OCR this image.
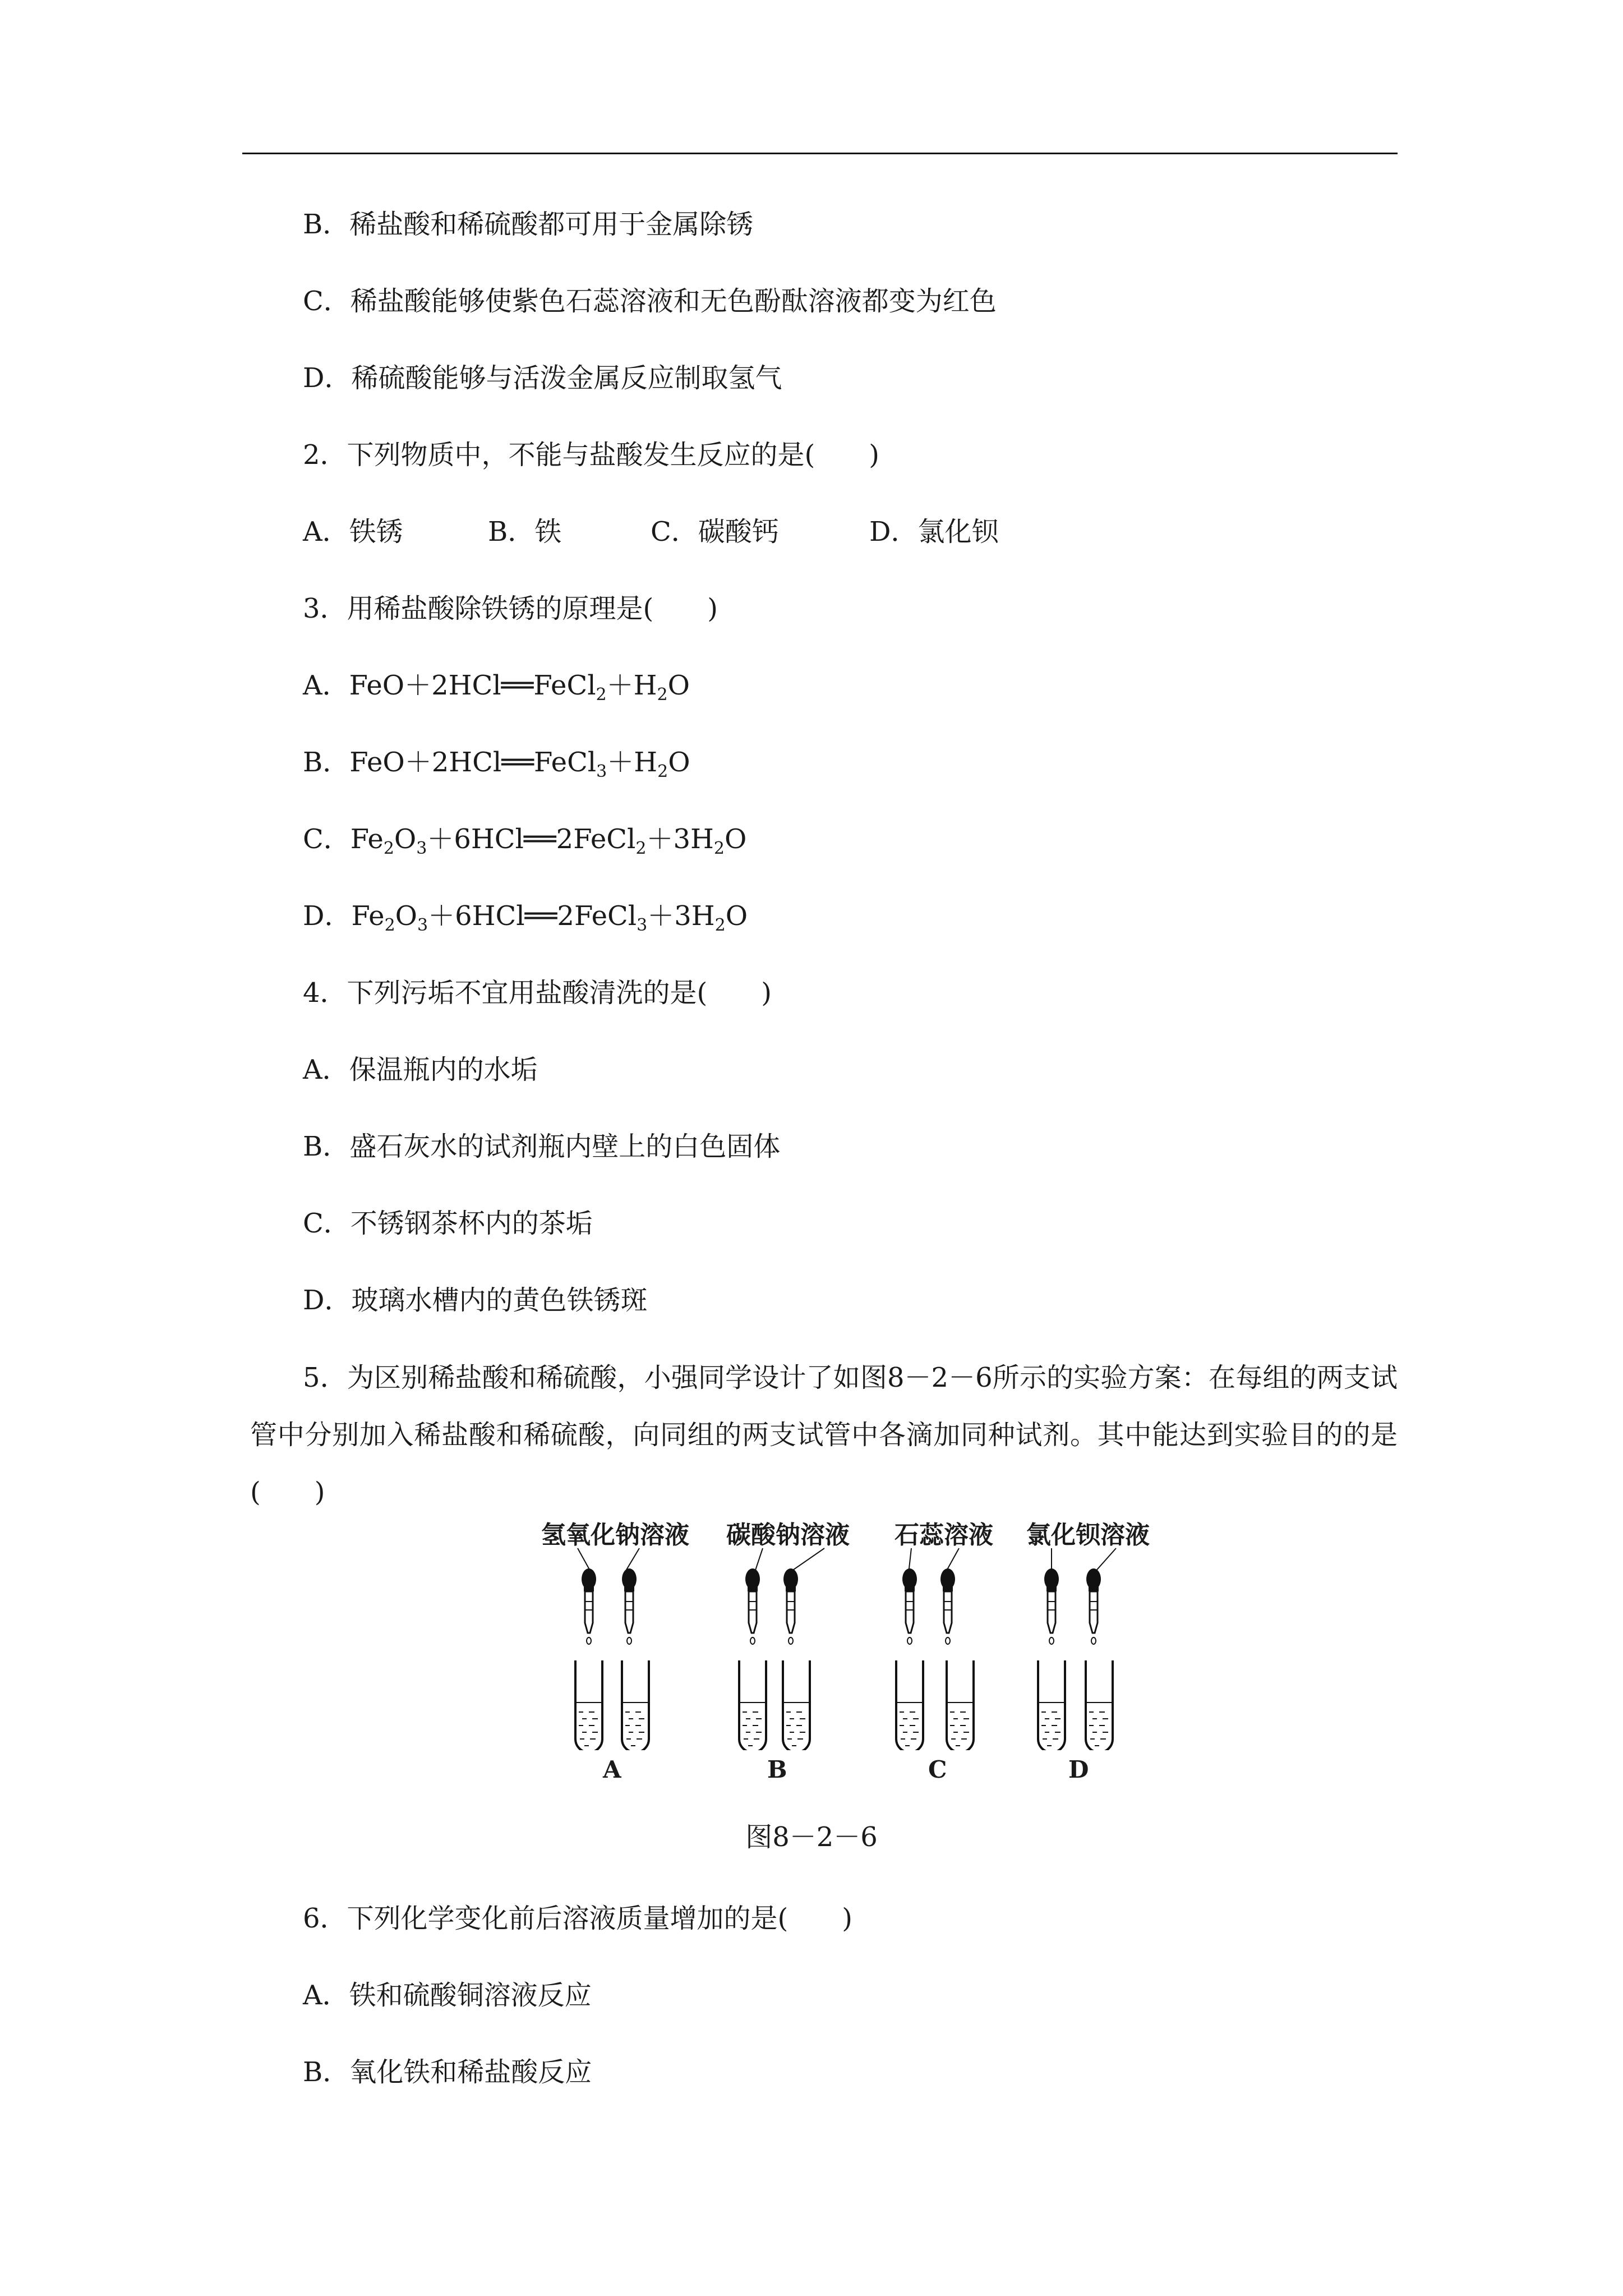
B．稀盐酸和稀硫酸都可用于金属除锈
C．稀盐酸能够使紫色石蕊溶液和无色酚酞溶液都变为红色
D．稀硫酸能够与活泼金属反应制取氢气
2．下列物质中，不能与盐酸发生反应的是(　　)
A．铁锈	B．铁	C．碳酸钙	D．氯化钡
3．用稀盐酸除铁锈的原理是(　　)
A．$FeO+2HCl══FeCl_2+H_2O$
B．$FeO+2HCl══FeCl_3+H_2O$
C．$Fe_2O_3+6HCl══2FeCl_2+3H_2O$
D．$Fe_2O_3+6HCl══2FeCl_3+3H_2O$
4．下列污垢不宜用盐酸清洗的是(　　)
A．保温瓶内的水垢
B．盛石灰水的试剂瓶内壁上的白色固体
C．不锈钢茶杯内的茶垢
D．玻璃水槽内的黄色铁锈斑
5．为区别稀盐酸和稀硫酸，小强同学设计了如图8－2－6所示的实验方案：在每组的两支试管中分别加入稀盐酸和稀硫酸，向同组的两支试管中各滴加同种试剂。其中能达到实验目的的是(　　)
氢氧化钠溶液 碳酸钠溶液 石蕊溶液 氯化钡溶液
A	B	C	D
图8－2－6
6．下列化学变化前后溶液质量增加的是(　　)
A．铁和硫酸铜溶液反应
B．氧化铁和稀盐酸反应
